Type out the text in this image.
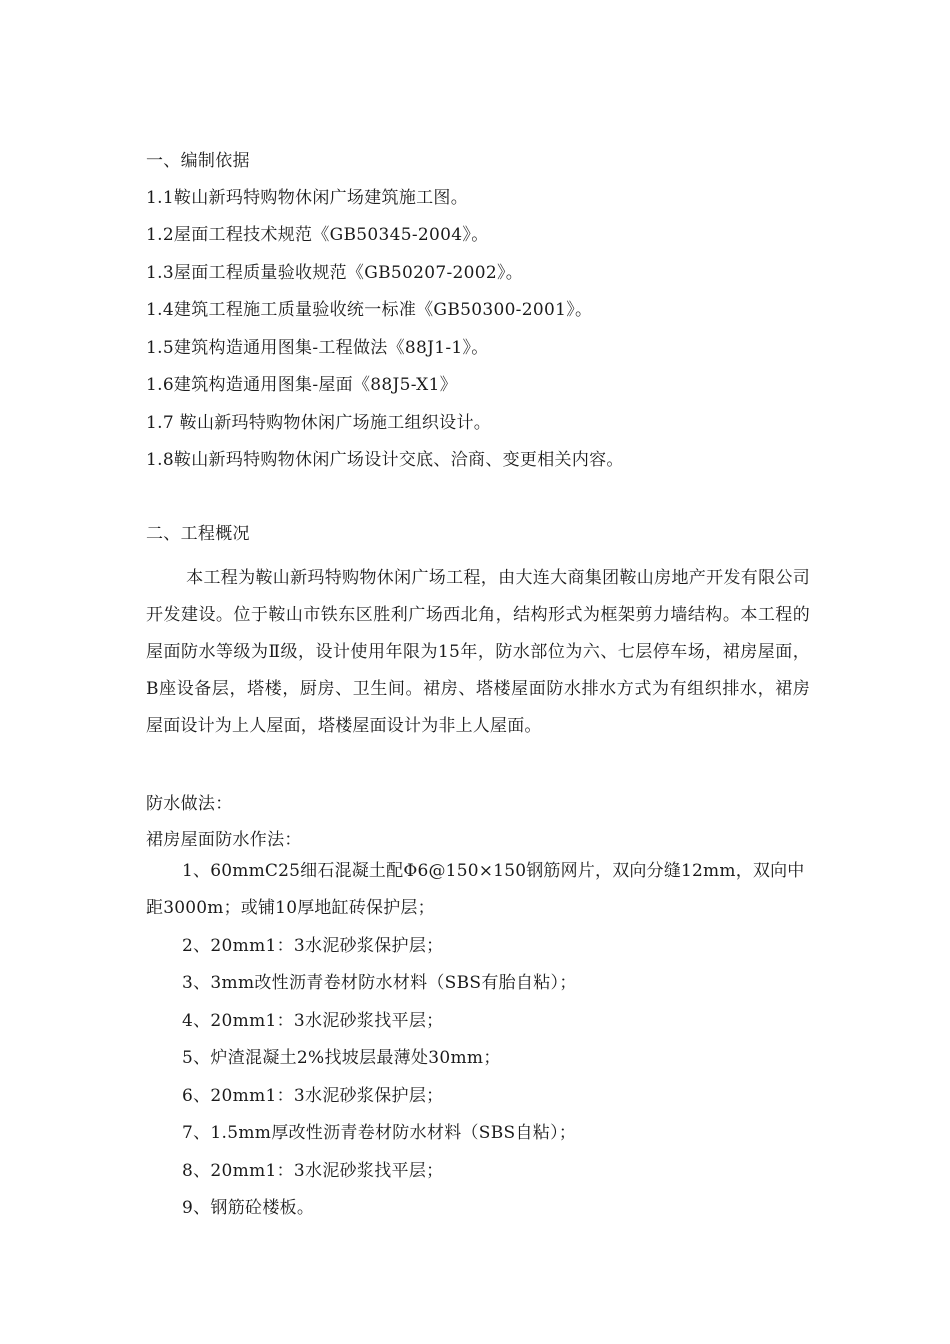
一、编制依据
1.1鞍山新玛特购物休闲广场建筑施工图。
1.2屋面工程技术规范《GB50345-2004》。
1.3屋面工程质量验收规范《GB50207-2002》。
1.4建筑工程施工质量验收统一标准《GB50300-2001》。
1.5建筑构造通用图集-工程做法《88J1-1》。
1.6建筑构造通用图集-屋面《88J5-X1》
1.7 鞍山新玛特购物休闲广场施工组织设计。
1.8鞍山新玛特购物休闲广场设计交底、洽商、变更相关内容。
二、工程概况
本工程为鞍山新玛特购物休闲广场工程，由大连大商集团鞍山房地产开发有限公司开发建设。位于鞍山市铁东区胜利广场西北角，结构形式为框架剪力墙结构。本工程的屋面防水等级为Ⅱ级，设计使用年限为15年，防水部位为六、七层停车场，裙房屋面，B座设备层，塔楼，厨房、卫生间。裙房、塔楼屋面防水排水方式为有组织排水，裙房屋面设计为上人屋面，塔楼屋面设计为非上人屋面。
防水做法：
裙房屋面防水作法：
1、60mmC25细石混凝土配Φ6@150×150钢筋网片，双向分缝12mm，双向中距3000m；或铺10厚地缸砖保护层；
2、20mm1：3水泥砂浆保护层；
3、3mm改性沥青卷材防水材料（SBS有胎自粘）；
4、20mm1：3水泥砂浆找平层；
5、炉渣混凝土2%找坡层最薄处30mm；
6、20mm1：3水泥砂浆保护层；
7、1.5mm厚改性沥青卷材防水材料（SBS自粘）；
8、20mm1：3水泥砂浆找平层；
9、钢筋砼楼板。
